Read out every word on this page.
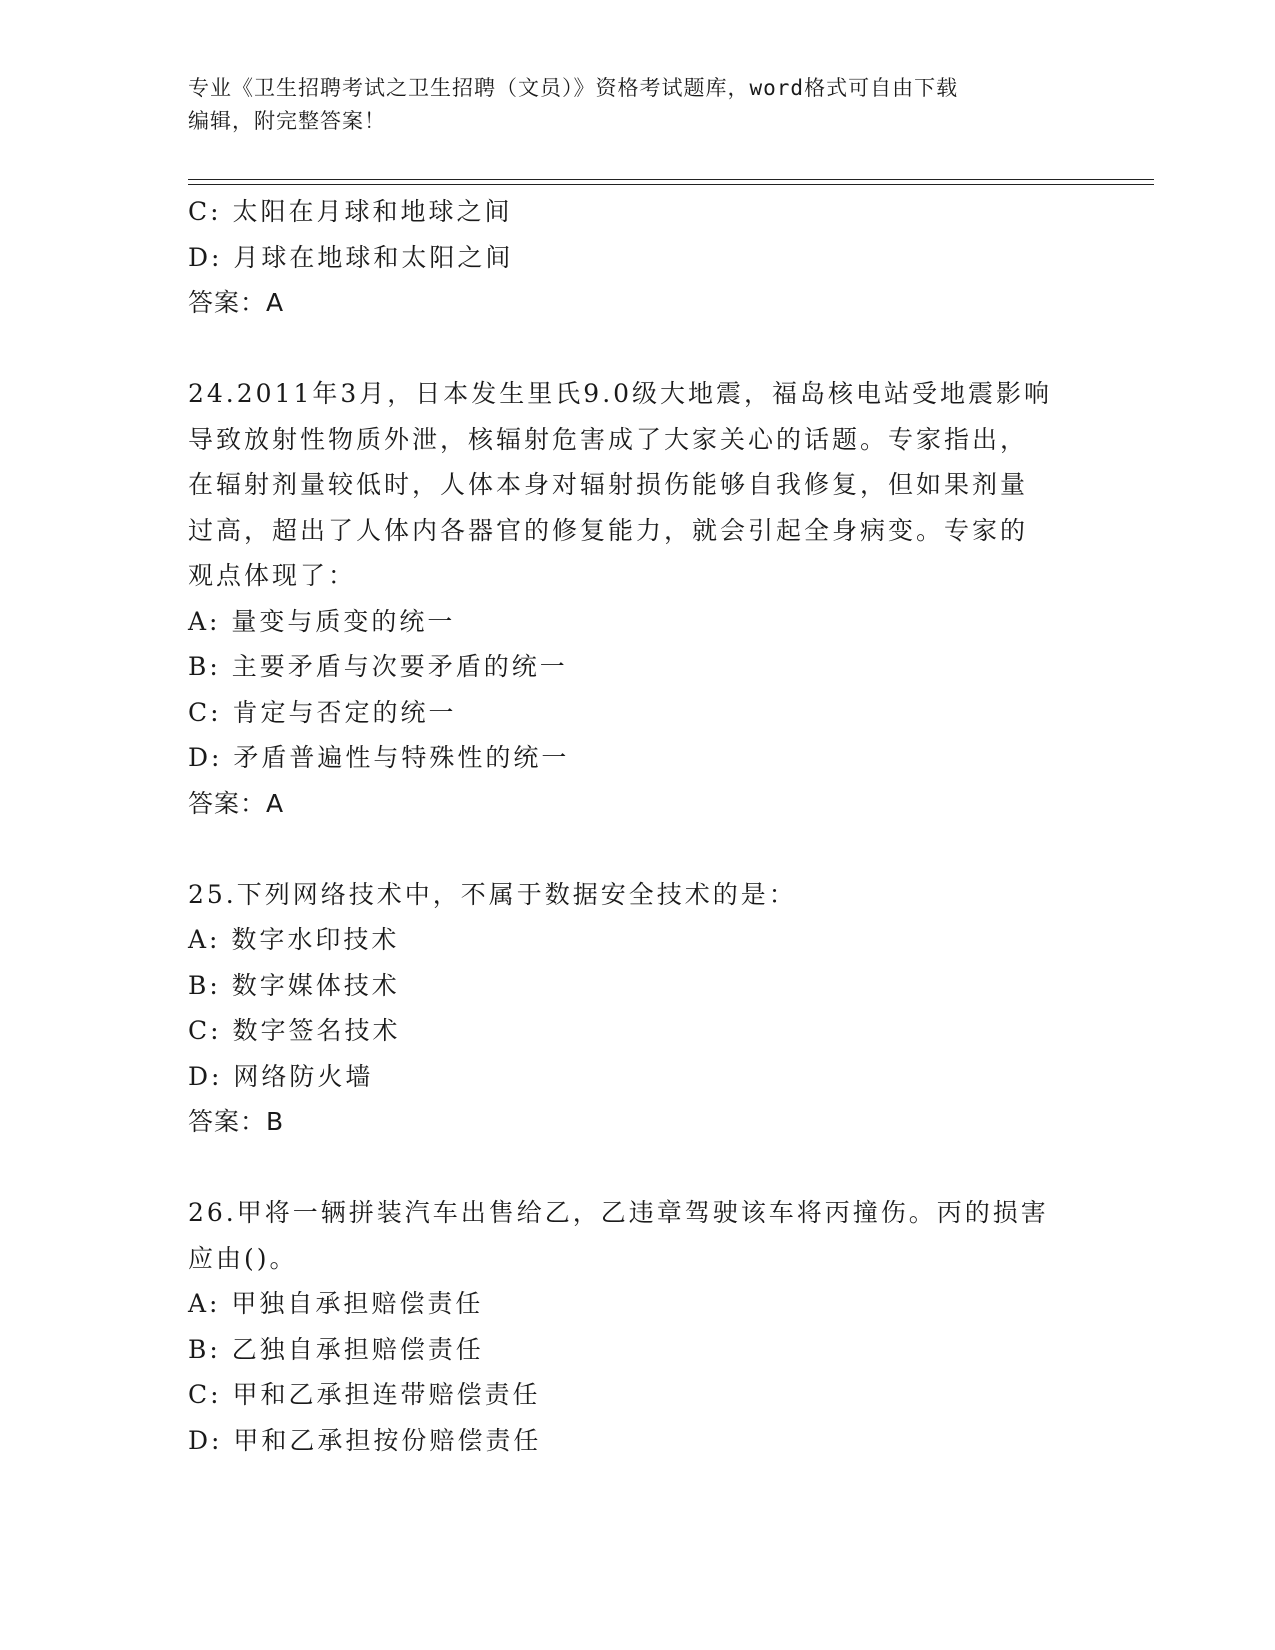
专业《卫生招聘考试之卫生招聘（文员）》资格考试题库，word格式可自由下载
编辑，附完整答案！
C: 太阳在月球和地球之间
D: 月球在地球和太阳之间
答案：A
24.2011年3月，日本发生里氏9.0级大地震，福岛核电站受地震影响
导致放射性物质外泄，核辐射危害成了大家关心的话题。专家指出，
在辐射剂量较低时，人体本身对辐射损伤能够自我修复，但如果剂量
过高，超出了人体内各器官的修复能力，就会引起全身病变。专家的
观点体现了：
A: 量变与质变的统一
B: 主要矛盾与次要矛盾的统一
C: 肯定与否定的统一
D: 矛盾普遍性与特殊性的统一
答案：A
25.下列网络技术中，不属于数据安全技术的是：
A: 数字水印技术
B: 数字媒体技术
C: 数字签名技术
D: 网络防火墙
答案：B
26.甲将一辆拼装汽车出售给乙，乙违章驾驶该车将丙撞伤。丙的损害
应由()。
A: 甲独自承担赔偿责任
B: 乙独自承担赔偿责任
C: 甲和乙承担连带赔偿责任
D: 甲和乙承担按份赔偿责任
